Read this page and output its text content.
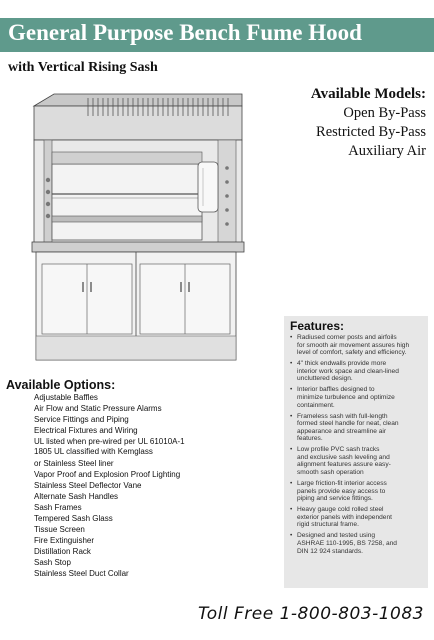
General Purpose Bench Fume Hood
with Vertical Rising Sash
Available Models:
Open By-Pass
Restricted By-Pass
Auxiliary Air
Available Options:
Adjustable Baffles
Air Flow and Static Pressure Alarms
Service Fittings and Piping
Electrical Fixtures and Wiring
UL listed when pre-wired per UL 61010A-1
1805 UL classified with Kemglass
or Stainless Steel liner
Vapor Proof and Explosion Proof Lighting
Stainless Steel Deflector Vane
Alternate Sash Handles
Sash Frames
Tempered Sash Glass
Tissue Screen
Fire Extinguisher
Distillation Rack
Sash Stop
Stainless Steel Duct Collar
Features:
• Radiused corner posts and airfoils
for smooth air movement assures high
level of comfort, safety and efficiency.
• 4" thick endwalls provide more
interior work space and clean-lined
uncluttered design.
• Interior baffles designed to
minimize turbulence and optimize
containment.
• Frameless sash with full-length
formed steel handle for neat, clean
appearance and streamline air
features.
• Low profile PVC sash tracks
and exclusive sash leveling and
alignment features assure easy-
smooth sash operation
• Large friction-fit interior access
panels provide easy access to
piping and service fittings.
• Heavy gauge cold rolled steel
exterior panels with independent
rigid structural frame.
• Designed and tested using
ASHRAE 110-1995, BS 7258, and
DIN 12 924 standards.
Toll Free 1-800-803-1083
